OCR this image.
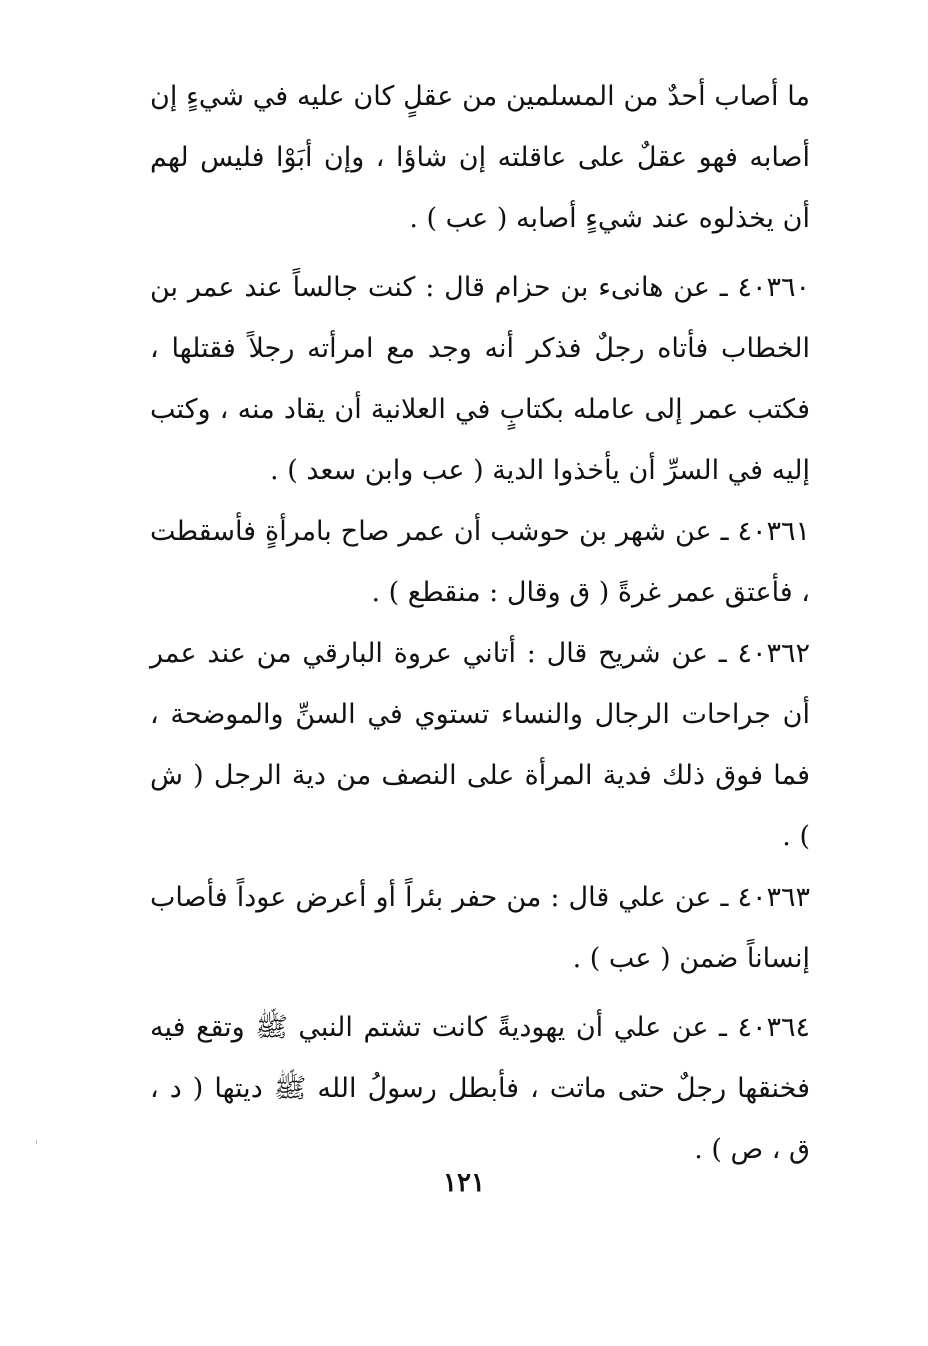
ما أصاب أحدٌ من المسلمين من عقلٍ كان عليه في شيءٍ إن أصابه فهو عقلٌ على عاقلته إن شاؤا ، وإن أبَوْا فليس لهم أن يخذلوه عند شيءٍ أصابه ( عب ) .

٤٠٣٦٠ ـ عن هانىء بن حزام قال : كنت جالساً عند عمر بن الخطاب فأتاه رجلٌ فذكر أنه وجد مع امرأته رجلاً فقتلها ، فكتب عمر إلى عامله بكتابٍ في العلانية أن يقاد منه ، وكتب إليه في السرِّ أن يأخذوا الدية ( عب وابن سعد ) .

٤٠٣٦١ ـ عن شهر بن حوشب أن عمر صاح بامرأةٍ فأسقطت ، فأعتق عمر غرةً ( ق وقال : منقطع ) .

٤٠٣٦٢ ـ عن شريح قال : أتاني عروة البارقي من عند عمر أن جراحات الرجال والنساء تستوي في السنِّ والموضحة ، فما فوق ذلك فدية المرأة على النصف من دية الرجل ( ش ) .

٤٠٣٦٣ ـ عن علي قال : من حفر بئراً أو أعرض عوداً فأصاب إنساناً ضمن ( عب ) .

٤٠٣٦٤ ـ عن علي أن يهوديةً كانت تشتم النبي ﷺ وتقع فيه فخنقها رجلٌ حتى ماتت ، فأبطل رسولُ الله ﷺ ديتها ( د ، ق ، ص ) .

١٢١
